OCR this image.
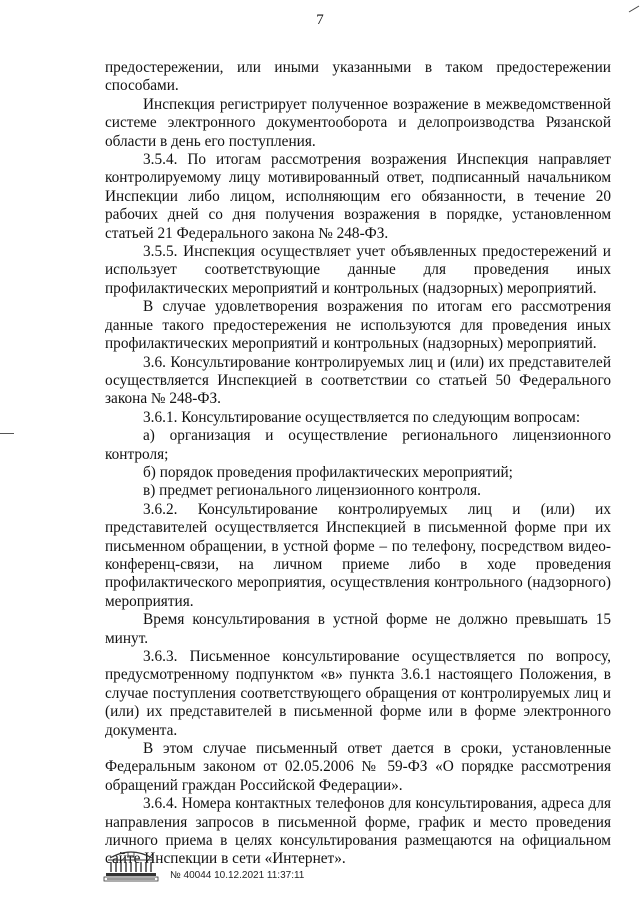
7

предостережении, или иными указанными в таком предостережении способами.

Инспекция регистрирует полученное возражение в межведомственной системе электронного документооборота и делопроизводства Рязанской области в день его поступления.

3.5.4. По итогам рассмотрения возражения Инспекция направляет контролируемому лицу мотивированный ответ, подписанный начальником Инспекции либо лицом, исполняющим его обязанности, в течение 20 рабочих дней со дня получения возражения в порядке, установленном статьей 21 Федерального закона № 248-ФЗ.

3.5.5. Инспекция осуществляет учет объявленных предостережений и использует соответствующие данные для проведения иных профилактических мероприятий и контрольных (надзорных) мероприятий.

В случае удовлетворения возражения по итогам его рассмотрения данные такого предостережения не используются для проведения иных профилактических мероприятий и контрольных (надзорных) мероприятий.

3.6. Консультирование контролируемых лиц и (или) их представителей осуществляется Инспекцией в соответствии со статьей 50 Федерального закона № 248-ФЗ.

3.6.1. Консультирование осуществляется по следующим вопросам:

а) организация и осуществление регионального лицензионного контроля;

б) порядок проведения профилактических мероприятий;

в) предмет регионального лицензионного контроля.

3.6.2. Консультирование контролируемых лиц и (или) их представителей осуществляется Инспекцией в письменной форме при их письменном обращении, в устной форме – по телефону, посредством видео-конференц-связи, на личном приеме либо в ходе проведения профилактического мероприятия, осуществления контрольного (надзорного) мероприятия.

Время консультирования в устной форме не должно превышать 15 минут.

3.6.3. Письменное консультирование осуществляется по вопросу, предусмотренному подпунктом «в» пункта 3.6.1 настоящего Положения, в случае поступления соответствующего обращения от контролируемых лиц и (или) их представителей в письменной форме или в форме электронного документа.

В этом случае письменный ответ дается в сроки, установленные Федеральным законом от 02.05.2006 № 59-ФЗ «О порядке рассмотрения обращений граждан Российской Федерации».

3.6.4. Номера контактных телефонов для консультирования, адреса для направления запросов в письменной форме, график и место проведения личного приема в целях консультирования размещаются на официальном сайте Инспекции в сети «Интернет».

№ 40044 10.12.2021 11:37:11
